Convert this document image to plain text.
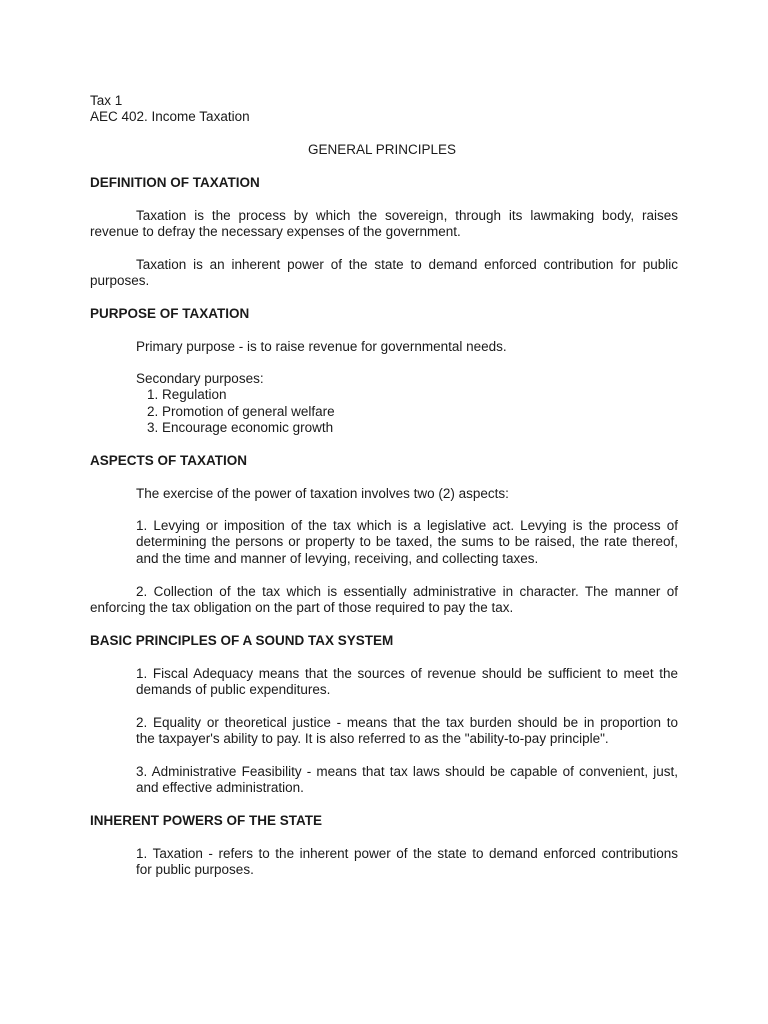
Tax 1

AEC 402. Income Taxation

GENERAL PRINCIPLES

DEFINITION OF TAXATION

Taxation is the process by which the sovereign, through its lawmaking body, raises

revenue to defray the necessary expenses of the government.

Taxation is an inherent power of the state to demand enforced contribution for public

purposes.

PURPOSE OF TAXATION

Primary purpose - is to raise revenue for governmental needs.

Secondary purposes:

1. Regulation

2. Promotion of general welfare

3. Encourage economic growth

ASPECTS OF TAXATION

The exercise of the power of taxation involves two (2) aspects:

1. Levying or imposition of the tax which is a legislative act. Levying is the process of

determining the persons or property to be taxed, the sums to be raised, the rate thereof,

and the time and manner of levying, receiving, and collecting taxes.

2. Collection of the tax which is essentially administrative in character. The manner of

enforcing the tax obligation on the part of those required to pay the tax.

BASIC PRINCIPLES OF A SOUND TAX SYSTEM

1. Fiscal Adequacy means that the sources of revenue should be sufficient to meet the

demands of public expenditures.

2. Equality or theoretical justice - means that the tax burden should be in proportion to

the taxpayer's ability to pay. It is also referred to as the "ability-to-pay principle".

3. Administrative Feasibility - means that tax laws should be capable of convenient, just,

and effective administration.

INHERENT POWERS OF THE STATE

1. Taxation - refers to the inherent power of the state to demand enforced contributions

for public purposes.
